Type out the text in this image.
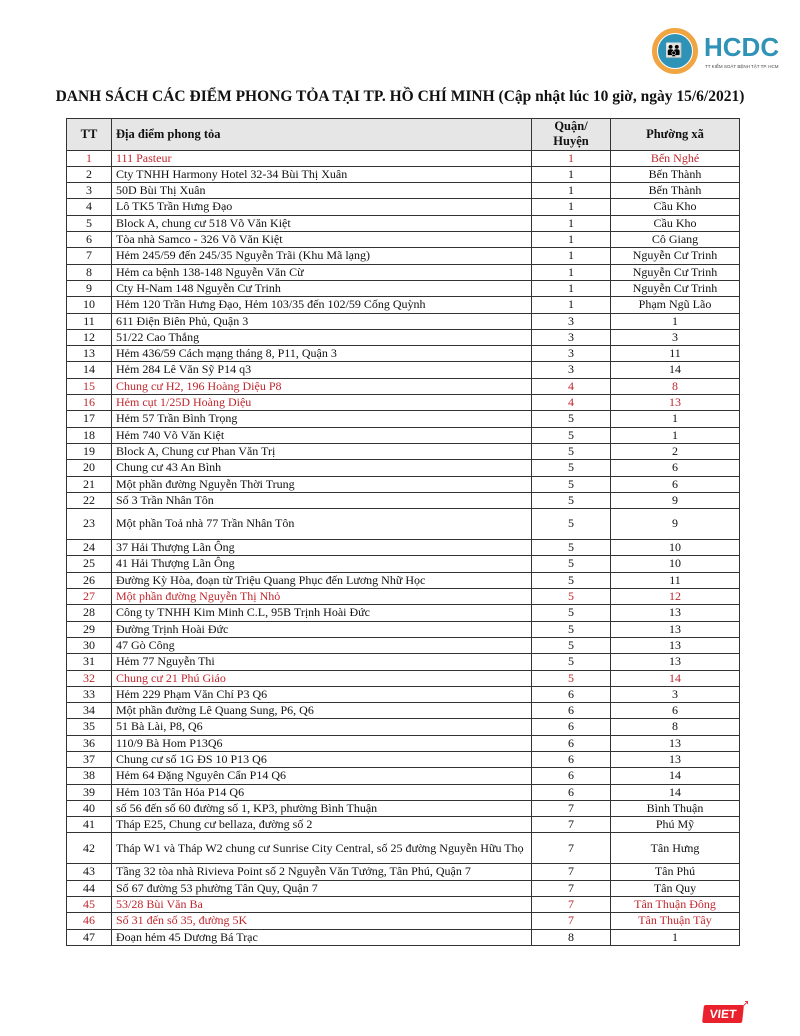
👪 HCDC
TT KIỂM SOÁT BỆNH TẬT TP. HCM
DANH SÁCH CÁC ĐIỂM PHONG TỎA TẠI TP. HỒ CHÍ MINH (Cập nhật lúc 10 giờ, ngày 15/6/2021)
TT	Địa điểm phong tỏa	Quận/ Huyện	Phường xã
1	111 Pasteur	1	Bến Nghé
2	Cty TNHH Harmony Hotel 32-34 Bùi Thị Xuân	1	Bến Thành
3	50D Bùi Thị Xuân	1	Bến Thành
4	Lô TK5 Trần Hưng Đạo	1	Cầu Kho
5	Block A, chung cư 518 Võ Văn Kiệt	1	Cầu Kho
6	Tòa nhà Samco - 326 Võ Văn Kiệt	1	Cô Giang
7	Hẻm 245/59 đến 245/35 Nguyễn Trãi (Khu Mã lạng)	1	Nguyễn Cư Trinh
8	Hẻm ca bệnh 138-148 Nguyễn Văn Cừ	1	Nguyễn Cư Trinh
9	Cty H-Nam 148 Nguyễn Cư Trinh	1	Nguyễn Cư Trinh
10	Hẻm 120 Trần Hưng Đạo, Hẻm 103/35 đến 102/59 Cống Quỳnh	1	Phạm Ngũ Lão
11	611 Điện Biên Phủ, Quận 3	3	1
12	51/22 Cao Thắng	3	3
13	Hẻm 436/59 Cách mạng tháng 8, P11, Quận 3	3	11
14	Hẻm 284 Lê Văn Sỹ P14 q3	3	14
15	Chung cư H2, 196 Hoàng Diệu P8	4	8
16	Hẻm cụt 1/25D Hoàng Diệu	4	13
17	Hẻm 57 Trần Bình Trọng	5	1
18	Hẻm 740 Võ Văn Kiệt	5	1
19	Block A, Chung cư Phan Văn Trị	5	2
20	Chung cư 43 An Bình	5	6
21	Một phần đường Nguyễn Thời Trung	5	6
22	Số 3 Trần Nhân Tôn	5	9
23	Một phần Toả nhà 77 Trần Nhân Tôn	5	9
24	37 Hải Thượng Lãn Ông	5	10
25	41 Hải Thượng Lãn Ông	5	10
26	Đường Kỳ Hòa, đoạn từ Triệu Quang Phục đến Lương Nhữ Học	5	11
27	Một phần đường Nguyễn Thị Nhỏ	5	12
28	Công ty TNHH Kim Minh C.L, 95B Trịnh Hoài Đức	5	13
29	Đường Trịnh Hoài Đức	5	13
30	47 Gò Công	5	13
31	Hẻm 77 Nguyễn Thi	5	13
32	Chung cư 21 Phú Giáo	5	14
33	Hẻm 229 Phạm Văn Chí P3 Q6	6	3
34	Một phần đường Lê Quang Sung, P6, Q6	6	6
35	51 Bà Lài, P8, Q6	6	8
36	110/9 Bà Hom P13Q6	6	13
37	Chung cư số 1G ĐS 10 P13 Q6	6	13
38	Hẻm 64 Đặng Nguyên Cẩn P14 Q6	6	14
39	Hẻm 103 Tân Hóa P14 Q6	6	14
40	số 56 đến số 60 đường số 1, KP3, phường Bình Thuận	7	Bình Thuận
41	Tháp E25, Chung cư bellaza, đường số 2	7	Phú Mỹ
42	Tháp W1 và Tháp W2 chung cư Sunrise City Central, số 25 đường Nguyễn Hữu Thọ	7	Tân Hưng
43	Tầng 32 tòa nhà Rivieva Point số 2 Nguyễn Văn Tưởng, Tân Phú, Quận 7	7	Tân Phú
44	Số 67 đường 53 phường Tân Quy, Quận 7	7	Tân Quy
45	53/28 Bùi Văn Ba	7	Tân Thuận Đông
46	Số 31 đến số 35, đường 5K	7	Tân Thuận Tây
47	Đoạn hẻm 45 Dương Bá Trạc	8	1
VIET
↗
